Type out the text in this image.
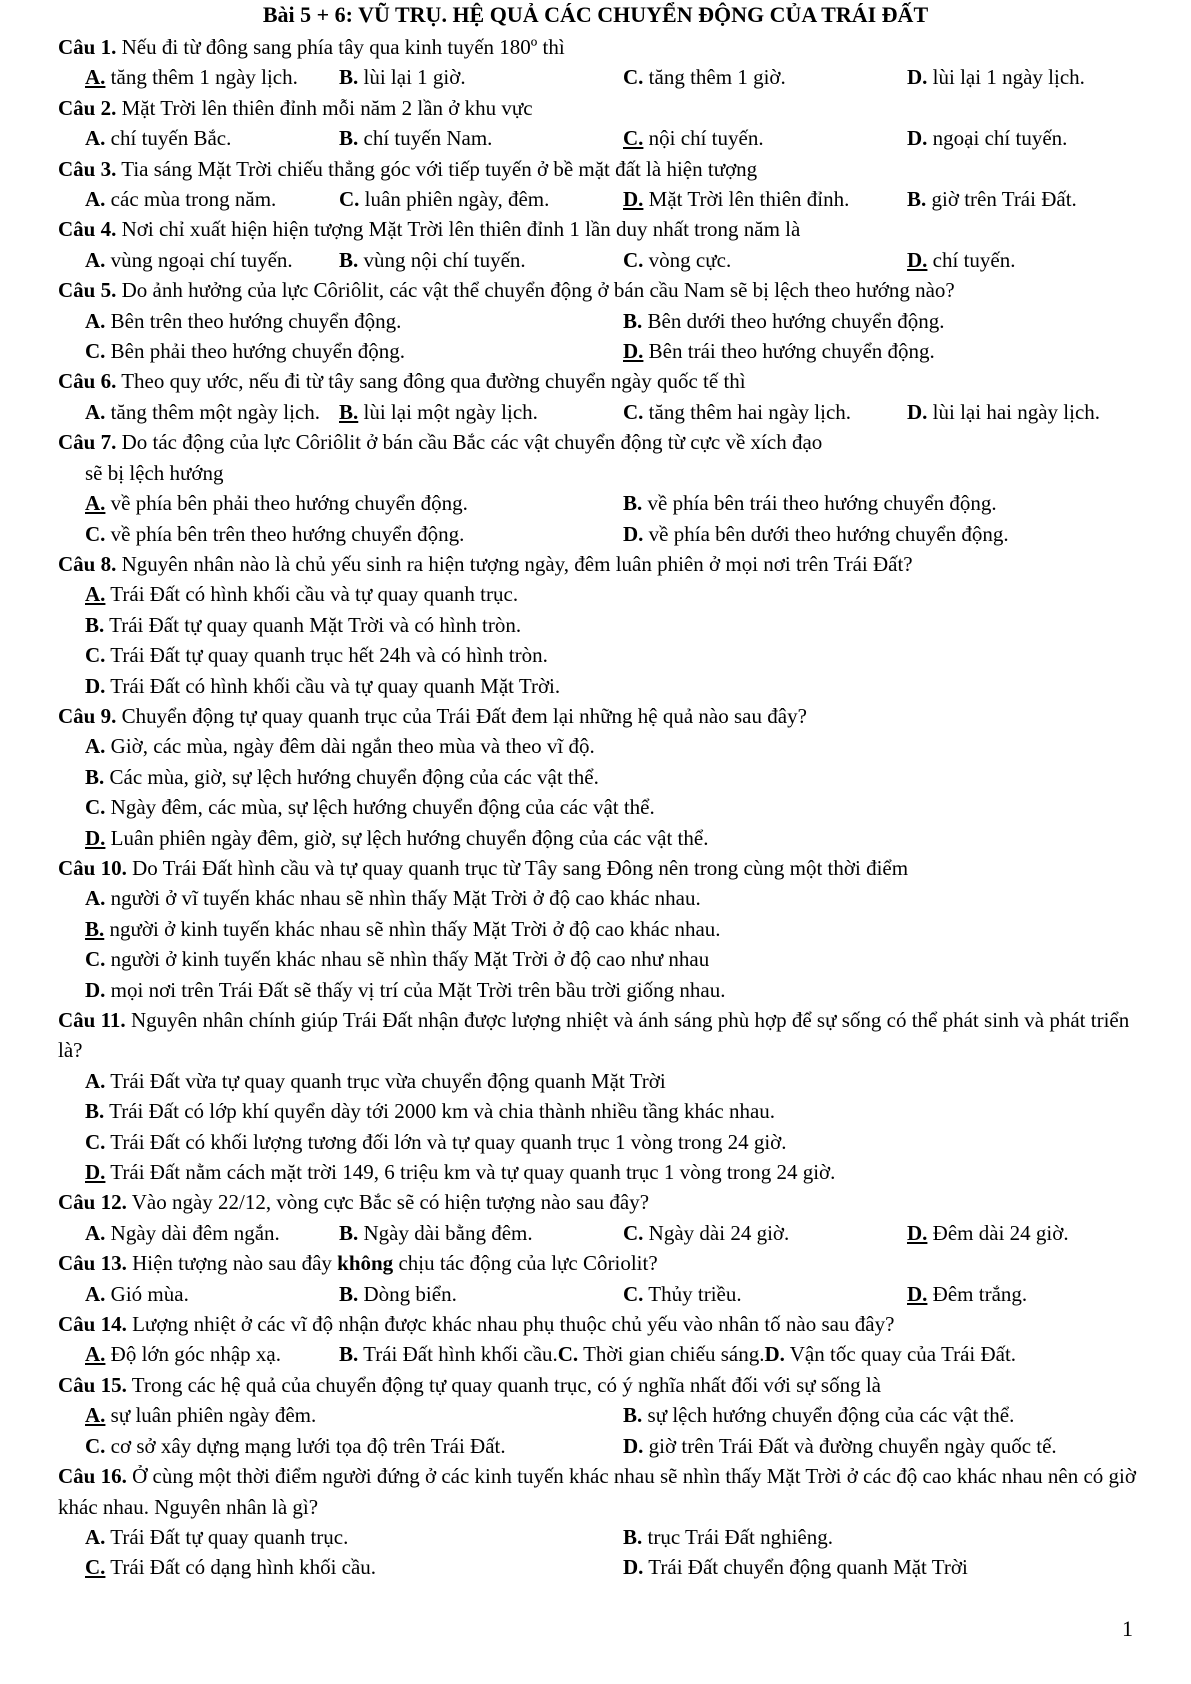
Bài 5 + 6: VŨ TRỤ. HỆ QUẢ CÁC CHUYỂN ĐỘNG CỦA TRÁI ĐẤT
Câu 1. Nếu đi từ đông sang phía tây qua kinh tuyến 180º thì
A. tăng thêm 1 ngày lịch.	B. lùi lại 1 giờ.	C. tăng thêm 1 giờ.	D. lùi lại 1 ngày lịch.
Câu 2. Mặt Trời lên thiên đỉnh mỗi năm 2 lần ở khu vực
A. chí tuyến Bắc.	B. chí tuyến Nam.	C. nội chí tuyến.	D. ngoại chí tuyến.
Câu 3. Tia sáng Mặt Trời chiếu thẳng góc với tiếp tuyến ở bề mặt đất là hiện tượng
A. các mùa trong năm.	C. luân phiên ngày, đêm.	D. Mặt Trời lên thiên đỉnh.	B. giờ trên Trái Đất.
Câu 4. Nơi chỉ xuất hiện hiện tượng Mặt Trời lên thiên đỉnh 1 lần duy nhất trong năm là
A. vùng ngoại chí tuyến.	B. vùng nội chí tuyến.	C. vòng cực.	D. chí tuyến.
Câu 5. Do ảnh hưởng của lực Côriôlit, các vật thể chuyển động ở bán cầu Nam sẽ bị lệch theo hướng nào?
A. Bên trên theo hướng chuyển động.	B. Bên dưới theo hướng chuyển động.
C. Bên phải theo hướng chuyển động.	D. Bên trái theo hướng chuyển động.
Câu 6. Theo quy ước, nếu đi từ tây sang đông qua đường chuyển ngày quốc tế thì
A. tăng thêm một ngày lịch. B. lùi lại một ngày lịch.	C. tăng thêm hai ngày lịch.	D. lùi lại hai ngày lịch.
Câu 7. Do tác động của lực Côriôlit ở bán cầu Bắc các vật chuyển động từ cực về xích đạo
sẽ bị lệch hướng
A. về phía bên phải theo hướng chuyển động.	B. về phía bên trái theo hướng chuyển động.
C. về phía bên trên theo hướng chuyển động.	D. về phía bên dưới theo hướng chuyển động.
Câu 8. Nguyên nhân nào là chủ yếu sinh ra hiện tượng ngày, đêm luân phiên ở mọi nơi trên Trái Đất?
A. Trái Đất có hình khối cầu và tự quay quanh trục.
B. Trái Đất tự quay quanh Mặt Trời và có hình tròn.
C. Trái Đất tự quay quanh trục hết 24h và có hình tròn.
D. Trái Đất có hình khối cầu và tự quay quanh Mặt Trời.
Câu 9. Chuyển động tự quay quanh trục của Trái Đất đem lại những hệ quả nào sau đây?
A. Giờ, các mùa, ngày đêm dài ngắn theo mùa và theo vĩ độ.
B. Các mùa, giờ, sự lệch hướng chuyển động của các vật thể.
C. Ngày đêm, các mùa, sự lệch hướng chuyển động của các vật thể.
D. Luân phiên ngày đêm, giờ, sự lệch hướng chuyển động của các vật thể.
Câu 10. Do Trái Đất hình cầu và tự quay quanh trục từ Tây sang Đông nên trong cùng một thời điểm
A. người ở vĩ tuyến khác nhau sẽ nhìn thấy Mặt Trời ở độ cao khác nhau.
B. người ở kinh tuyến khác nhau sẽ nhìn thấy Mặt Trời ở độ cao khác nhau.
C. người ở kinh tuyến khác nhau sẽ nhìn thấy Mặt Trời ở độ cao như nhau
D. mọi nơi trên Trái Đất sẽ thấy vị trí của Mặt Trời trên bầu trời giống nhau.
Câu 11. Nguyên nhân chính giúp Trái Đất nhận được lượng nhiệt và ánh sáng phù hợp để sự sống có thể phát sinh và phát triển là?
A. Trái Đất vừa tự quay quanh trục vừa chuyển động quanh Mặt Trời
B. Trái Đất có lớp khí quyển dày tới 2000 km và chia thành nhiều tầng khác nhau.
C. Trái Đất có khối lượng tương đối lớn và tự quay quanh trục 1 vòng trong 24 giờ.
D. Trái Đất nằm cách mặt trời 149, 6 triệu km và tự quay quanh trục 1 vòng trong 24 giờ.
Câu 12. Vào ngày 22/12, vòng cực Bắc sẽ có hiện tượng nào sau đây?
A. Ngày dài đêm ngắn.	B. Ngày dài bằng đêm.	C. Ngày dài 24 giờ.	D. Đêm dài 24 giờ.
Câu 13. Hiện tượng nào sau đây không chịu tác động của lực Côriolit?
A. Gió mùa.	B. Dòng biển.	C. Thủy triều.	D. Đêm trắng.
Câu 14. Lượng nhiệt ở các vĩ độ nhận được khác nhau phụ thuộc chủ yếu vào nhân tố nào sau đây?
A. Độ lớn góc nhập xạ.	B. Trái Đất hình khối cầu. C. Thời gian chiếu sáng. D. Vận tốc quay của Trái Đất.
Câu 15. Trong các hệ quả của chuyển động tự quay quanh trục, có ý nghĩa nhất đối với sự sống là
A. sự luân phiên ngày đêm.	B. sự lệch hướng chuyển động của các vật thể.
C. cơ sở xây dựng mạng lưới tọa độ trên Trái Đất.	D. giờ trên Trái Đất và đường chuyển ngày quốc tế.
Câu 16. Ở cùng một thời điểm người đứng ở các kinh tuyến khác nhau sẽ nhìn thấy Mặt Trời ở các độ cao khác nhau nên có giờ khác nhau. Nguyên nhân là gì?
A. Trái Đất tự quay quanh trục.	B. trục Trái Đất nghiêng.
C. Trái Đất có dạng hình khối cầu.	D. Trái Đất chuyển động quanh Mặt Trời
1
